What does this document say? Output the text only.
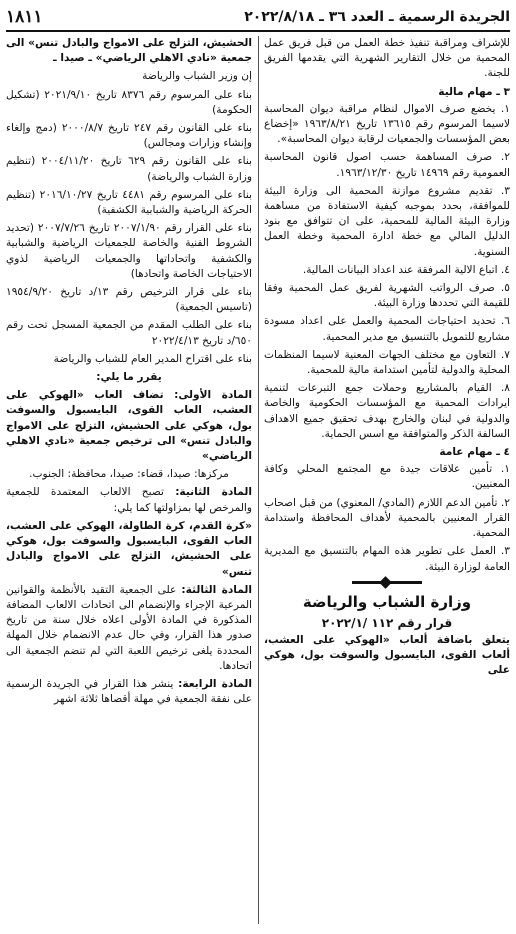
الجريدة الرسمية ـ العدد ٣٦ ـ ٢٠٢٢/٨/١٨
١٨١١

للإشراف ومراقبة تنفيذ خطة العمل من قبل فريق عمل المحمية من خلال التقارير الشهرية التي يقدمها الفريق للجنة.

٣ ـ مهام مالية

١. يخضع صرف الاموال لنظام مراقبة ديوان المحاسبة لاسيما المرسوم رقم ١٣٦١٥ تاريخ ١٩٦٣/٨/٢١ «إخضاع بعض المؤسسات والجمعيات لرقابة ديوان المحاسبة».

٢. صرف المساهمة حسب اصول قانون المحاسبة العمومية رقم ١٤٩٦٩ تاريخ ١٩٦٣/١٢/٣٠.

٣. تقديم مشروع موازنة المحمية الى وزارة البيئة للموافقة، بحدد بموجبه كيفية الاستفادة من مساهمة وزارة البيئة المالية للمحمية، على ان تتوافق مع بنود الدليل المالي مع خطة ادارة المحمية وخطة العمل السنوية.

٤. اتباع الالية المرفقة عند اعداد البيانات المالية.

٥. صرف الرواتب الشهرية لفريق عمل المحمية وفقا للقيمة التي تحددها وزارة البيئة.

٦. تحديد احتياجات المحمية والعمل على اعداد مسودة مشاريع للتمويل بالتنسيق مع مدير المحمية.

٧. التعاون مع مختلف الجهات المعنية لاسيما المنظمات المحلية والدولية لتأمين استدامة مالية للمحمية.

٨. القيام بالمشاريع وحملات جمع التبرعات لتنمية ايرادات المحمية مع المؤسسات الحكومية والخاصة والدولية في لبنان والخارج بهدف تحقيق جميع الاهداف السالفة الذكر والمتوافقة مع اسس الحماية.

٤ ـ مهام عامة

١. تأمين علاقات جيدة مع المجتمع المحلي وكافة المعنيين.

٢. تأمين الدعم اللازم (المادي/ المعنوي) من قبل اصحاب القرار المعنيين بالمحمية لأهداف المحافظة واستدامة المحمية.

٣. العمل على تطوير هذه المهام بالتنسيق مع المديرية العامة لوزارة البيئة.

وزارة الشباب والرياضة

قرار رقم ١١٢ /٢٠٢٢/١

يتعلق باضافة ألعاب «الهوكي على العشب، ألعاب القوى، البايسبول والسوفت بول، هوكي على

الحشيش، التزلج على الامواج والبادل تنس» الى جمعية «نادي الاهلي الرياضي» ـ صيدا ـ

إن وزير الشباب والرياضة

بناء على المرسوم رقم ٨٣٧٦ تاريخ ٢٠٢١/٩/١٠ (تشكيل الحكومة)

بناء على القانون رقم ٢٤٧ تاريخ ٢٠٠٠/٨/٧ (دمج وإلغاء وإنشاء وزارات ومجالس)

بناء على القانون رقم ٦٢٩ تاريخ ٢٠٠٤/١١/٢٠ (تنظيم وزارة الشباب والرياضة)

بناء على المرسوم رقم ٤٤٨١ تاريخ ٢٠١٦/١٠/٢٧ (تنظيم الحركة الرياضية والشبابية الكشفية)

بناء على القرار رقم ٢٠٠٧/١/٩٠ تاريخ ٢٠٠٧/٧/٢٦ (تحديد الشروط الفنية والخاصة للجمعيات الرياضية والشبابية والكشفية واتحاداتها والجمعيات الرياضية لذوي الاحتياجات الخاصة واتحادها)

بناء على قرار الترخيص رقم ١٣/د تاريخ ١٩٥٤/٩/٢٠ (تاسيس الجمعية)

بناء على الطلب المقدم من الجمعية المسجل تحت رقم ٦٥٠/د تاريخ ٢٠٢٢/٤/١٣

بناء على اقتراح المدير العام للشباب والرياضة

يقرر ما يلي:

المادة الأولى: تضاف العاب «الهوكي على العشب، العاب القوى، البايسبول والسوفت بول، هوكي على الحشيش، التزلج على الامواج والبادل تنس» الى ترخيص جمعية «نادي الاهلي الرياضي»

مركزها: صيدا، قضاء: صيدا، محافظة: الجنوب.

المادة الثانية: تصبح الالعاب المعتمدة للجمعية والمرخص لها بمزاولتها كما يلي:

«كرة القدم، كرة الطاولة، الهوكي على العشب، العاب القوى، البايسبول والسوفت بول، هوكي على الحشيش، التزلج على الامواج والبادل تنس»

المادة الثالثة: على الجمعية التقيد بالأنظمة والقوانين المرعية الإجراء والإنضمام الى اتحادات الالعاب المضافة المذكورة في المادة الأولى اعلاه خلال سنة من تاريخ صدور هذا القرار، وفي حال عدم الانضمام خلال المهلة المحددة يلغى ترخيص اللعبة التي لم تنضم الجمعية الى اتحادها.

المادة الرابعة: ينشر هذا القرار في الجريدة الرسمية على نفقة الجمعية في مهلة أقصاها ثلاثة اشهر
